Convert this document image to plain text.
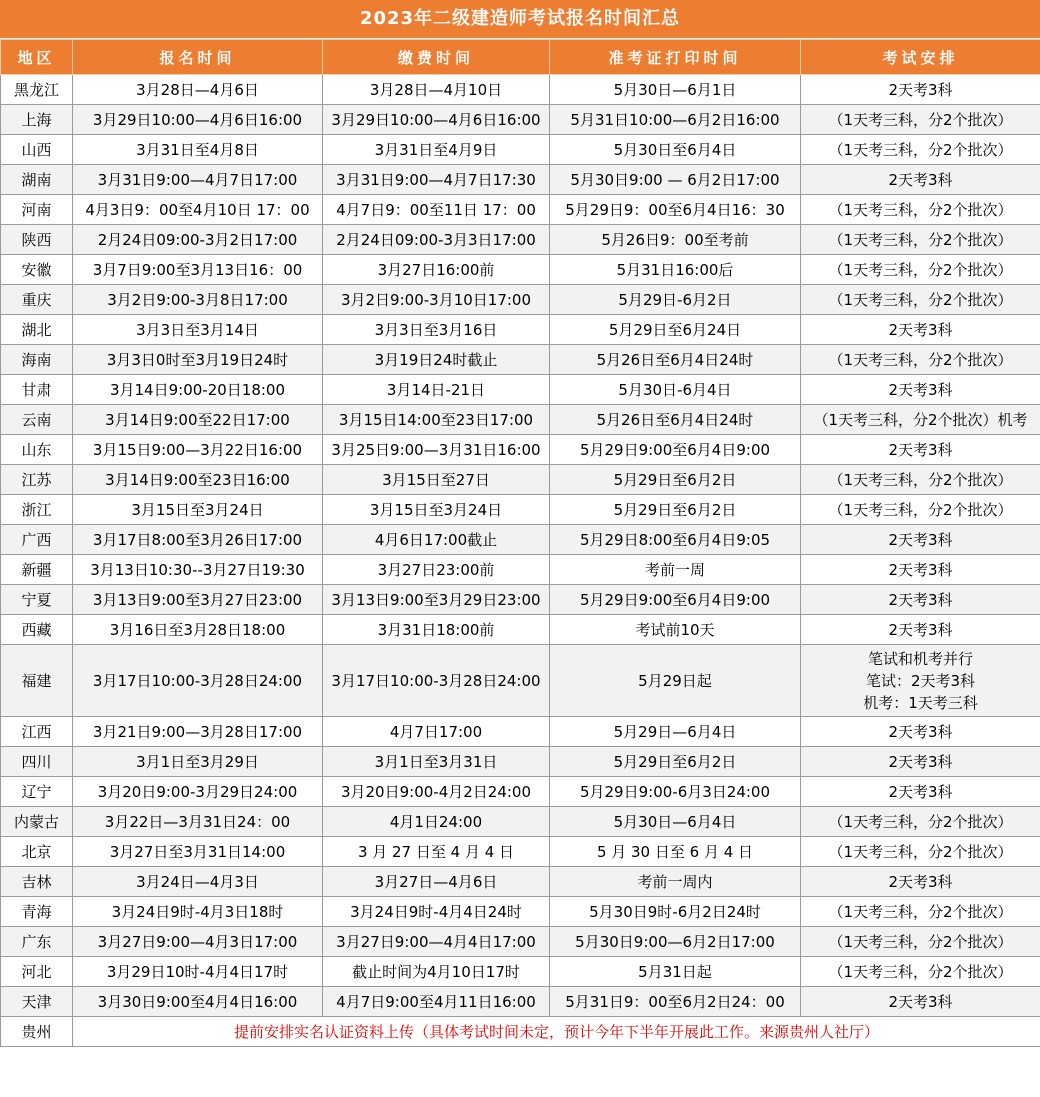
2023年二级建造师考试报名时间汇总
地区	报名时间	缴费时间	准考证打印时间	考试安排
黑龙江	3月28日—4月6日	3月28日—4月10日	5月30日—6月1日	2天考3科
上海	3月29日10:00—4月6日16:00	3月29日10:00—4月6日16:00	5月31日10:00—6月2日16:00	（1天考三科，分2个批次）
山西	3月31日至4月8日	3月31日至4月9日	5月30日至6月4日	（1天考三科，分2个批次）
湖南	3月31日9:00—4月7日17:00	3月31日9:00—4月7日17:30	5月30日9:00 — 6月2日17:00	2天考3科
河南	4月3日9：00至4月10日 17：00	4月7日9：00至11日 17：00	5月29日9：00至6月4日16：30	（1天考三科，分2个批次）
陕西	2月24日09:00-3月2日17:00	2月24日09:00-3月3日17:00	5月26日9：00至考前	（1天考三科，分2个批次）
安徽	3月7日9:00至3月13日16：00	3月27日16:00前	5月31日16:00后	（1天考三科，分2个批次）
重庆	3月2日9:00-3月8日17:00	3月2日9:00-3月10日17:00	5月29日-6月2日	（1天考三科，分2个批次）
湖北	3月3日至3月14日	3月3日至3月16日	5月29日至6月24日	2天考3科
海南	3月3日0时至3月19日24时	3月19日24时截止	5月26日至6月4日24时	（1天考三科，分2个批次）
甘肃	3月14日9:00-20日18:00	3月14日-21日	5月30日-6月4日	2天考3科
云南	3月14日9:00至22日17:00	3月15日14:00至23日17:00	5月26日至6月4日24时	（1天考三科，分2个批次）机考
山东	3月15日9:00—3月22日16:00	3月25日9:00—3月31日16:00	5月29日9:00至6月4日9:00	2天考3科
江苏	3月14日9:00至23日16:00	3月15日至27日	5月29日至6月2日	（1天考三科，分2个批次）
浙江	3月15日至3月24日	3月15日至3月24日	5月29日至6月2日	（1天考三科，分2个批次）
广西	3月17日8:00至3月26日17:00	4月6日17:00截止	5月29日8:00至6月4日9:05	2天考3科
新疆	3月13日10:30--3月27日19:30	3月27日23:00前	考前一周	2天考3科
宁夏	3月13日9:00至3月27日23:00	3月13日9:00至3月29日23:00	5月29日9:00至6月4日9:00	2天考3科
西藏	3月16日至3月28日18:00	3月31日18:00前	考试前10天	2天考3科
福建	3月17日10:00-3月28日24:00	3月17日10:00-3月28日24:00	5月29日起	笔试和机考并行
笔试：2天考3科
机考：1天考三科

江西	3月21日9:00—3月28日17:00	4月7日17:00	5月29日—6月4日	2天考3科
四川	3月1日至3月29日	3月1日至3月31日	5月29日至6月2日	2天考3科
辽宁	3月20日9:00-3月29日24:00	3月20日9:00-4月2日24:00	5月29日9:00-6月3日24:00	2天考3科
内蒙古	3月22日—3月31日24：00	4月1日24:00	5月30日—6月4日	（1天考三科，分2个批次）
北京	3月27日至3月31日14:00	3 月 27 日至 4 月 4 日	5 月 30 日至 6 月 4 日	（1天考三科，分2个批次）
吉林	3月24日—4月3日	3月27日—4月6日	考前一周内	2天考3科
青海	3月24日9时-4月3日18时	3月24日9时-4月4日24时	5月30日9时-6月2日24时	（1天考三科，分2个批次）
广东	3月27日9:00—4月3日17:00	3月27日9:00—4月4日17:00	5月30日9:00—6月2日17:00	（1天考三科，分2个批次）
河北	3月29日10时-4月4日17时	截止时间为4月10日17时	5月31日起	（1天考三科，分2个批次）
天津	3月30日9:00至4月4日16:00	4月7日9:00至4月11日16:00	5月31日9：00至6月2日24：00	2天考3科
贵州	提前安排实名认证资料上传（具体考试时间未定，预计今年下半年开展此工作。来源贵州人社厅）			
